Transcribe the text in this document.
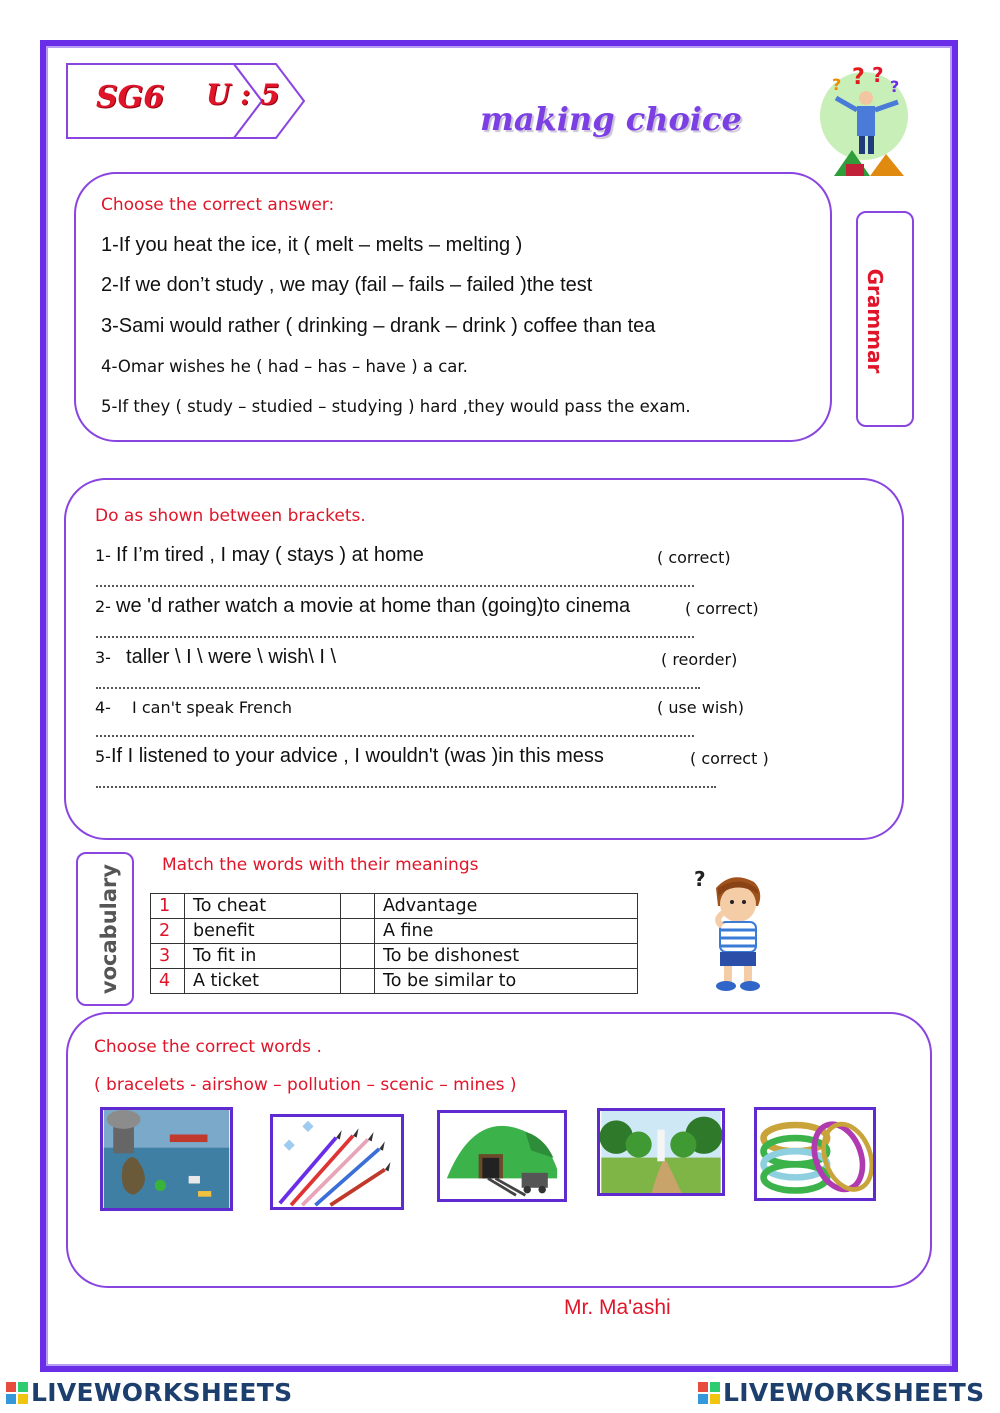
SG6 U : 5
making choice
? ?
?	?
Grammar
Choose the correct answer:
1-If you heat the ice, it ( melt – melts – melting )
2-If we don’t study , we may (fail – fails – failed )the test
3-Sami would rather ( drinking – drank – drink ) coffee than tea
4-Omar wishes he ( had – has – have ) a car.
5-If they ( study – studied – studying ) hard ,they would pass the exam.
Do as shown between brackets.
1- If I’m tired , I may ( stays ) at home	( correct)
2- we 'd rather watch a movie at home than (going)to cinema	( correct)
3- taller \ I \ were \ wish\ I \	( reorder)
4- I can't speak French	( use wish)
5-If I listened to your advice , I wouldn't (was )in this mess	( correct )
vocabulary	Match the words with their meanings
1	To cheat		Advantage
2	benefit		A fine
3	To fit in		To be dishonest
4	A ticket		To be similar to
?
Choose the correct words .
( bracelets - airshow – pollution – scenic – mines )
Mr. Ma'ashi
LIVEWORKSHEETS	LIVEWORKSHEETS
